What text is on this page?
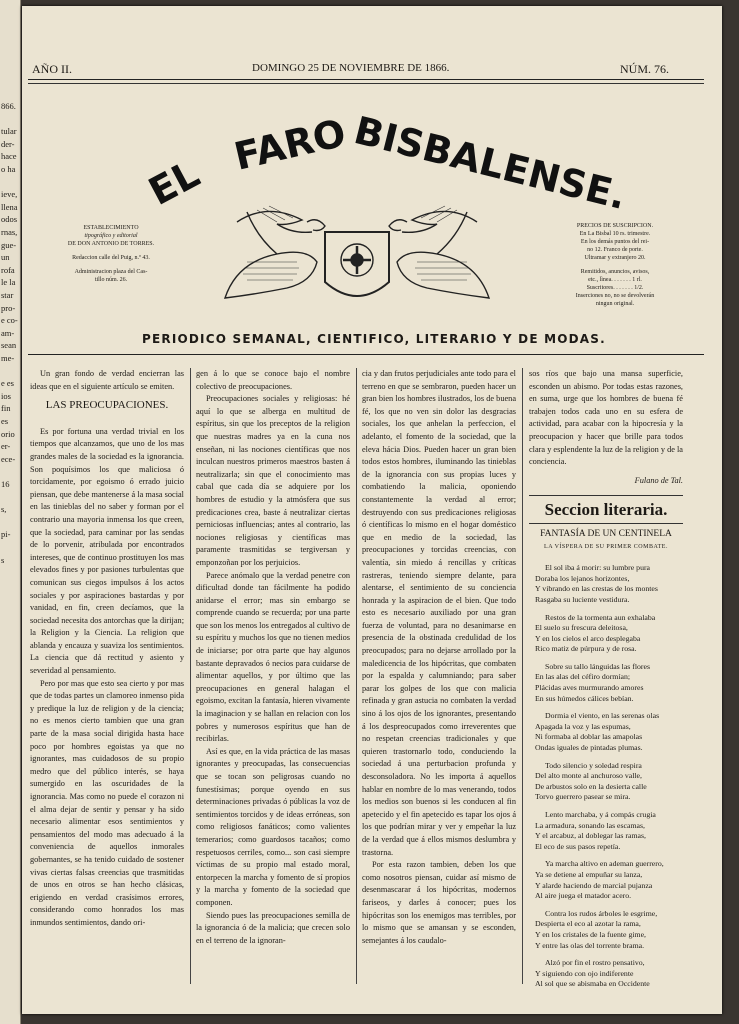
866.
tular
der-
hace
o ha
ieve,
llena
odos
rnas,
gue-
un
rofa
le la
star
pro-
e co-
am-
sean
me-
e es
ios
fin
es
orio
er-
ece-
16
s,
pi-
s
AÑO II.	DOMINGO 25 DE NOVIEMBRE DE 1866.	NÚM. 76.
EL
FARO BISBALENSE.
ESTABLECIMIENTO
tipográfico y editorial
DE DON ANTONIO DE TORRES.
Redaccion calle del Puig, n.º 43.
Administracion plaza del Cas- tillo núm. 26.
PRECIOS DE SUSCRIPCION.
En La Bisbal 10 rs. trimestre.
En los demás puntos del rei-
no 12. Franco de porte.
Ultramar y extranjero 20.
Remitidos, anuncios, avisos,
etc., lìnea. . . . . . . 1 rl.
Suscritores. . . . . . . 1/2.
Inserciones no, no se devolverán
ningun original.
PERIODICO SEMANAL, CIENTIFICO, LITERARIO Y DE MODAS.

Un gran fondo de verdad encierran las ideas que en el siguiente artículo se emiten.

LAS PREOCUPACIONES.

Es por fortuna una verdad trivial en los tiempos que alcanzamos, que uno de los mas grandes males de la sociedad es la ignorancia. Son poquísimos los que maliciosa ó torcidamente, por egoismo ó errado juicio piensan, que debe mantenerse á la masa social en las tinieblas del no saber y forman por el contrario una mayoria inmensa los que creen, que la sociedad, para caminar por las sendas de lo porvenir, atribulada por encontrados intereses, que de continuo prostituyen los mas elevados fines y por pasiones turbulentas que comunican sus ciegos impulsos á los actos sociales y por aspiraciones bastardas y por vanidad, en fin, creen decíamos, que la sociedad necesita dos antorchas que la dirijan; la Religion y la Ciencia. La religion que ablanda y encauza y suaviza los sentimientos. La ciencia que dá rectitud y asiento y severidad al pensamiento.

Pero por mas que esto sea cierto y por mas que de todas partes un clamoreo inmenso pida y predique la luz de religion y de la ciencia; no es menos cierto tambien que una gran parte de la masa social dirigida hasta hace poco por hombres egoistas ya que no ignorantes, mas cuidadosos de su propio medro que del público interés, se haya sumergido en las oscuridades de la ignorancia. Mas como no puede el corazon ni el alma dejar de sentir y pensar y ha sido necesario alimentar esos sentimientos y pensamientos del modo mas adecuado á la conveniencia de aquellos inmorales gobernantes, se ha tenido cuidado de sostener vivas ciertas falsas creencias que trasmitidas de unos en otros se han hecho clásicas, erigiendo en verdad crasísimos errores, considerando como honrados los mas inmundos sentimientos, dando ori-

gen á lo que se conoce bajo el nombre colectivo de preocupaciones.

Preocupaciones sociales y religiosas: hé aquí lo que se alberga en multitud de espíritus, sin que los preceptos de la religion que nuestras madres ya en la cuna nos enseñan, ni las nociones científicas que nos inculcan nuestros primeros maestros basten á neutralizarla; sin que el conocimiento mas cabal que cada día se adquiere por los hombres de estudio y la atmósfera que sus predicaciones crea, baste á neutralizar ciertas perniciosas influencias; antes al contrario, las nociones religiosas y científicas mas paramente trasmitidas se tergiversan y emponzoñan por los perjuicios.

Parece anómalo que la verdad penetre con dificultad donde tan fácilmente ha podido anidarse el error; mas sin embargo se comprende cuando se recuerda; por una parte que son los menos los entregados al cultivo de su espíritu y muchos los que no tienen medios de iniciarse; por otra parte que hay algunos bastante depravados ó necios para cuidarse de alimentar aquellos, y por último que las preocupaciones en general halagan el egoismo, excitan la fantasía, hieren vivamente la imaginacion y se hallan en relacion con los pobres y numerosos espíritus que han de recibirlas.

Así es que, en la vida práctica de las masas ignorantes y preocupadas, las consecuencias que se tocan son peligrosas cuando no funestísimas; porque oyendo en sus determinaciones privadas ó públicas la voz de sentimientos torcidos y de ideas erróneas, son como religiosos fanáticos; como valientes temerarios; como guardosos tacaños; como respetuosos cerriles, como... son casi siempre víctimas de su propio mal estado moral, entorpecen la marcha y fomento de sí propios y la marcha y fomento de la sociedad que componen.

Siendo pues las preocupaciones semilla de la ignorancia ó de la malicia; que crecen solo en el terreno de la ignoran-

cia y dan frutos perjudiciales ante todo para el terreno en que se sembraron, pueden hacer un gran bien los hombres ilustrados, los de buena fé, los que no ven sin dolor las desgracias sociales, los que anhelan la perfeccion, el adelanto, el fomento de la sociedad, que la eleva hácia Dios. Pueden hacer un gran bien todos estos hombres, iluminando las tinieblas de la ignorancia con sus propias luces y combatiendo la malicia, oponiendo constantemente la verdad al error; destruyendo con sus predicaciones religiosas ó científicas lo mismo en el hogar doméstico que en medio de la sociedad, las preocupaciones y torcidas creencias, con valentía, sin miedo á rencillas y críticas rastreras, teniendo siempre delante, para alentarse, el sentimiento de su conciencia honrada y la aspiracion de el bien. Que todo esto es necesario auxiliado por una gran fuerza de voluntad, para no desanimarse en presencia de la obstinada credulidad de los preocupados; para no dejarse arrollado por la maledicencia de los hipócritas, que combaten por la espalda y calumniando; para saber parar los golpes de los que con malicia refinada y gran astucia no combaten la verdad sino á los ojos de los ignorantes, presentando á los despreocupados como irreverentes que no respetan creencias tradicionales y que quieren trastornarlo todo, conduciendo la sociedad á una perturbacion profunda y desconsoladora. No les importa á aquellos hablar en nombre de lo mas venerando, todos los medios son buenos si les conducen al fin apetecido y el fin apetecido es tapar los ojos á los que podrían mirar y ver y empeñar la luz de la verdad que á ellos mismos deslumbra y trastorna.

Por esta razon tambien, deben los que como nosotros piensan, cuidar así mismo de desenmascarar á los hipócritas, modernos fariseos, y darles á conocer; pues los hipócritas son los enemigos mas terribles, por lo mismo que se amansan y se esconden, semejantes á los caudalo-

sos ríos que bajo una mansa superficie, esconden un abismo. Por todas estas razones, en suma, urge que los hombres de buena fé trabajen todos cada uno en su esfera de actividad, para acabar con la hipocresía y la preocupacion y hacer que brille para todos clara y esplendente la luz de la religion y de la conciencia.

Fulano de Tal.
Seccion literaria.
FANTASÍA DE UN CENTINELA
LA VÍSPERA DE SU PRIMER COMBATE.
El sol iba á morir: su lumbre pura
Doraba los lejanos horizontes,
Y vibrando en las crestas de los montes
Rasgaba su luciente vestidura.
Restos de la tormenta aun exhalaba
El suelo su frescura deleitosa,
Y en los cielos el arco desplegaba
Rico matiz de púrpura y de rosa.
Sobre su tallo lánguidas las flores
En las alas del céfiro dormían;
Plácidas aves murmurando amores
En sus húmedos cálices bebían.
Dormia el viento, en las serenas olas
Apagada la voz y las espumas,
Ni formaba al doblar las amapolas
Ondas iguales de pintadas plumas.
Todo silencio y soledad respira
Del alto monte al anchuroso valle,
De arbustos solo en la desierta calle
Torvo guerrero pasear se mira.
Lento marchaba, y á compás crugia
La armadura, sonando las escamas,
Y el arcabuz, al doblegar las ramas,
El eco de sus pasos repetía.
Ya marcha altivo en ademan guerrero,
Ya se detiene al empuñar su lanza,
Y alarde haciendo de marcial pujanza
Al aire juega el matador acero.
Contra los rudos árboles le esgrime,
Despierta el eco al azotar la rama,
Y en los cristales de la fuente gime,
Y entre las olas del torrente brama.
Alzó por fin el rostro pensativo,
Y siguiendo con ojo indiferente
Al sol que se abismaba en Occidente
